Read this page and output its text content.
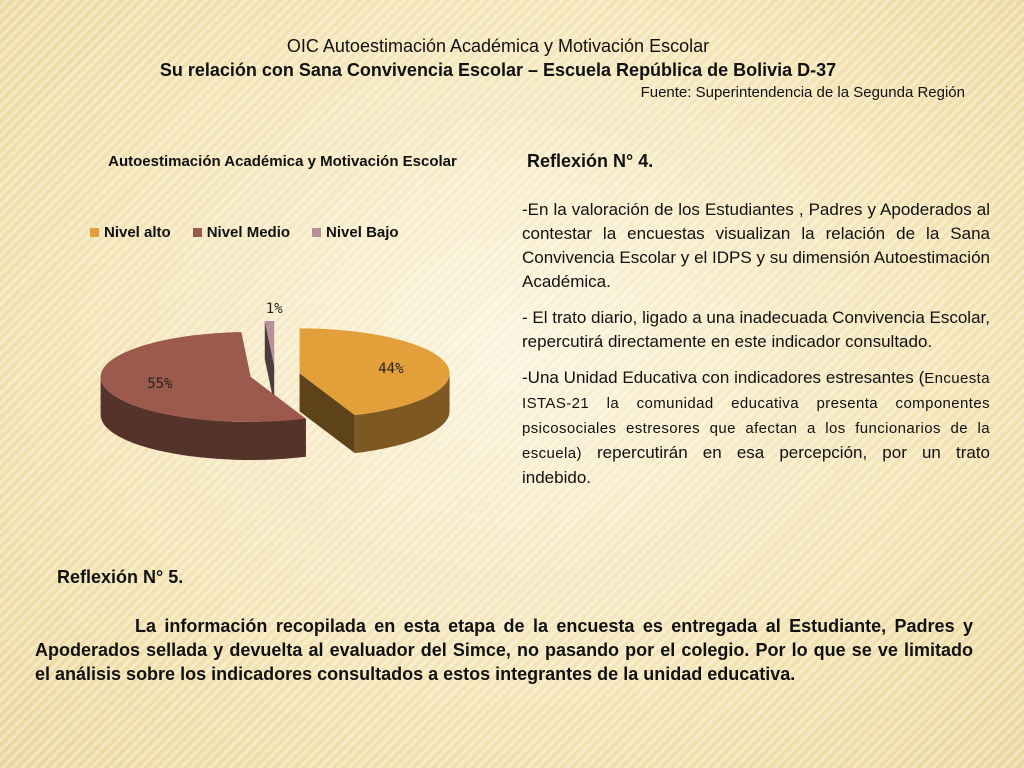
OIC Autoestimación Académica y Motivación Escolar
Su relación con Sana Convivencia Escolar – Escuela República de Bolivia D-37
Fuente: Superintendencia de la Segunda Región
Autoestimación Académica y Motivación Escolar
Nivel alto Nivel Medio Nivel Bajo
44%
55%
1%
Reflexión N° 4.

-En la valoración de los Estudiantes , Padres y Apoderados al contestar la encuestas visualizan la relación de la Sana Convivencia Escolar y el IDPS y su dimensión Autoestimación Académica.

- El trato diario, ligado a una inadecuada Convivencia Escolar, repercutirá directamente en este indicador consultado.

-Una Unidad Educativa con indicadores estresantes (Encuesta ISTAS-21 la comunidad educativa presenta componentes psicosociales estresores que afectan a los funcionarios de la escuela) repercutirán en esa percepción, por un trato indebido.

Reflexión N° 5.
La información recopilada en esta etapa de la encuesta es entregada al Estudiante, Padres y Apoderados sellada y devuelta al evaluador del Simce, no pasando por el colegio. Por lo que se ve limitado el análisis sobre los indicadores consultados a estos integrantes de la unidad educativa.
